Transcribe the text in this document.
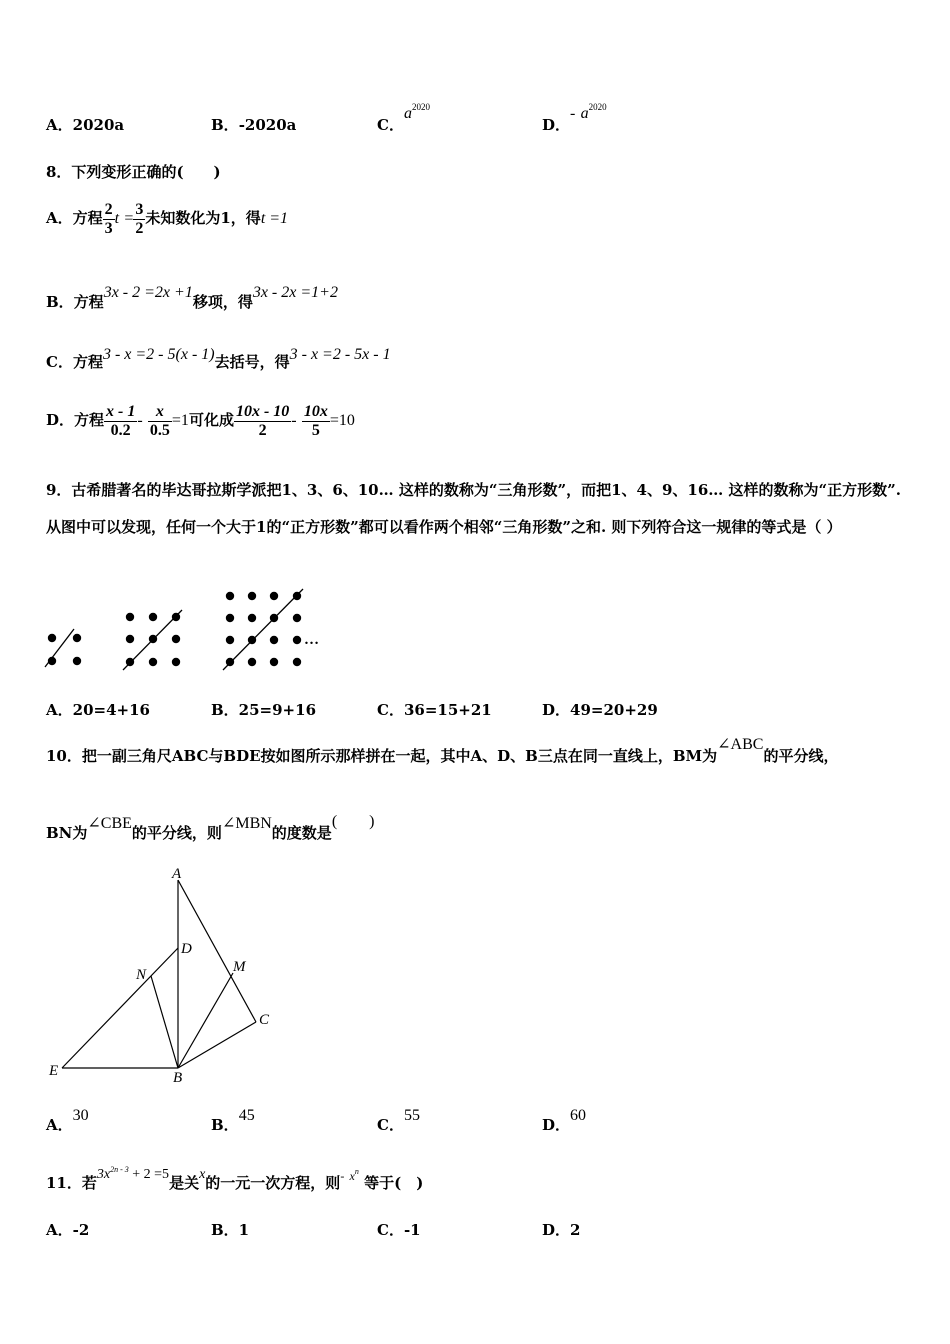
A．2020a	B．-2020a	C．$a^{2020}$
D．- $a^{2020}$
8．下列变形正确的(　　)
A．方程 $\frac{2}{3}$ $t = \frac{3}{2}$ 未知数化为1，得t =1
B．方程3x - 2 =2x +1移项，得3x - 2x =1+2
C．方程3 - x =2 - 5(x - 1)去括号，得3 - x =2 - 5x - 1
D．方程 $\frac{x - 1}{0.2} - \frac{x}{0.5} =1$可化成 $\frac{10x - 10}{2} - \frac{10x}{5} =10$
9．古希腊著名的毕达哥拉斯学派把1、3、6、10… 这样的数称为“三角形数”，而把1、4、9、16… 这样的数称为“正方形数”. 从图中可以发现，任何一个大于1的“正方形数”都可以看作两个相邻“三角形数”之和. 则下列符合这一规律的等式是（ ）
…
A．20=4+16	B．25=9+16	C．36=15+21	D．49=20+29
10．把一副三角尺ABC与BDE按如图所示那样拼在一起，其中A、D、B三点在同一直线上，BM为∠ABC的平分线，
BN为∠CBE的平分线，则∠MBN的度数是(　　)
A
D
N	M
C
E	B
A．30
B．45
C．55
D．60
11．若$3x^{2n - 3} + 2 =5$是关x的一元一次方程，则- $^{xn}$ 等于(　)
A．-2	B．1	C．-1	D．2
